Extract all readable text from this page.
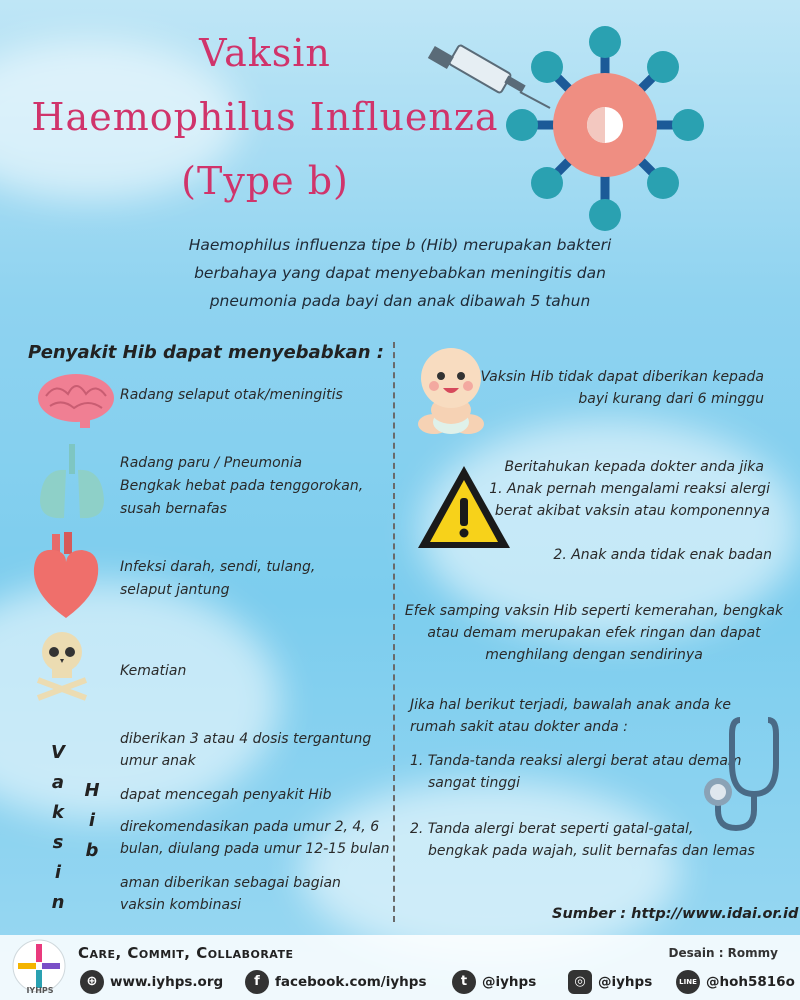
Vaksin
Haemophilus Influenza
(Type b)
Haemophilus influenza tipe b (Hib) merupakan bakteri
berbahaya yang dapat menyebabkan meningitis dan
pneumonia pada bayi dan anak dibawah 5 tahun
Penyakit Hib dapat menyebabkan :
Radang selaput otak/meningitis
Radang paru / Pneumonia
Bengkak hebat pada tenggorokan,
susah bernafas
Infeksi darah, sendi, tulang,
selaput jantung
Kematian
V
a
k
s
i
n
H
i
b
diberikan 3 atau 4 dosis tergantung
umur anak
dapat mencegah penyakit Hib
direkomendasikan pada umur 2, 4, 6
bulan, diulang pada umur 12-15 bulan
aman diberikan sebagai bagian
vaksin kombinasi
Vaksin Hib tidak dapat diberikan kepada
bayi kurang dari 6 minggu
Beritahukan kepada dokter anda jika
1. Anak pernah mengalami reaksi alergi
berat akibat vaksin atau komponennya
2. Anak anda tidak enak badan
Efek samping vaksin Hib seperti kemerahan, bengkak
atau demam merupakan efek ringan dan dapat
menghilang dengan sendirinya
Jika hal berikut terjadi, bawalah anak anda ke
rumah sakit atau dokter anda :
1. Tanda-tanda reaksi alergi berat atau demam
sangat tinggi
2. Tanda alergi berat seperti gatal-gatal,
bengkak pada wajah, sulit bernafas dan lemas
Sumber : http://www.idai.or.id
IYHPS
Care, Commit, Collaborate	Desain : Rommy
⊕ www.iyhps.org	f	facebook.com/iyhps	t	@iyhps	◎ @iyhps	LINE @hoh5816o
